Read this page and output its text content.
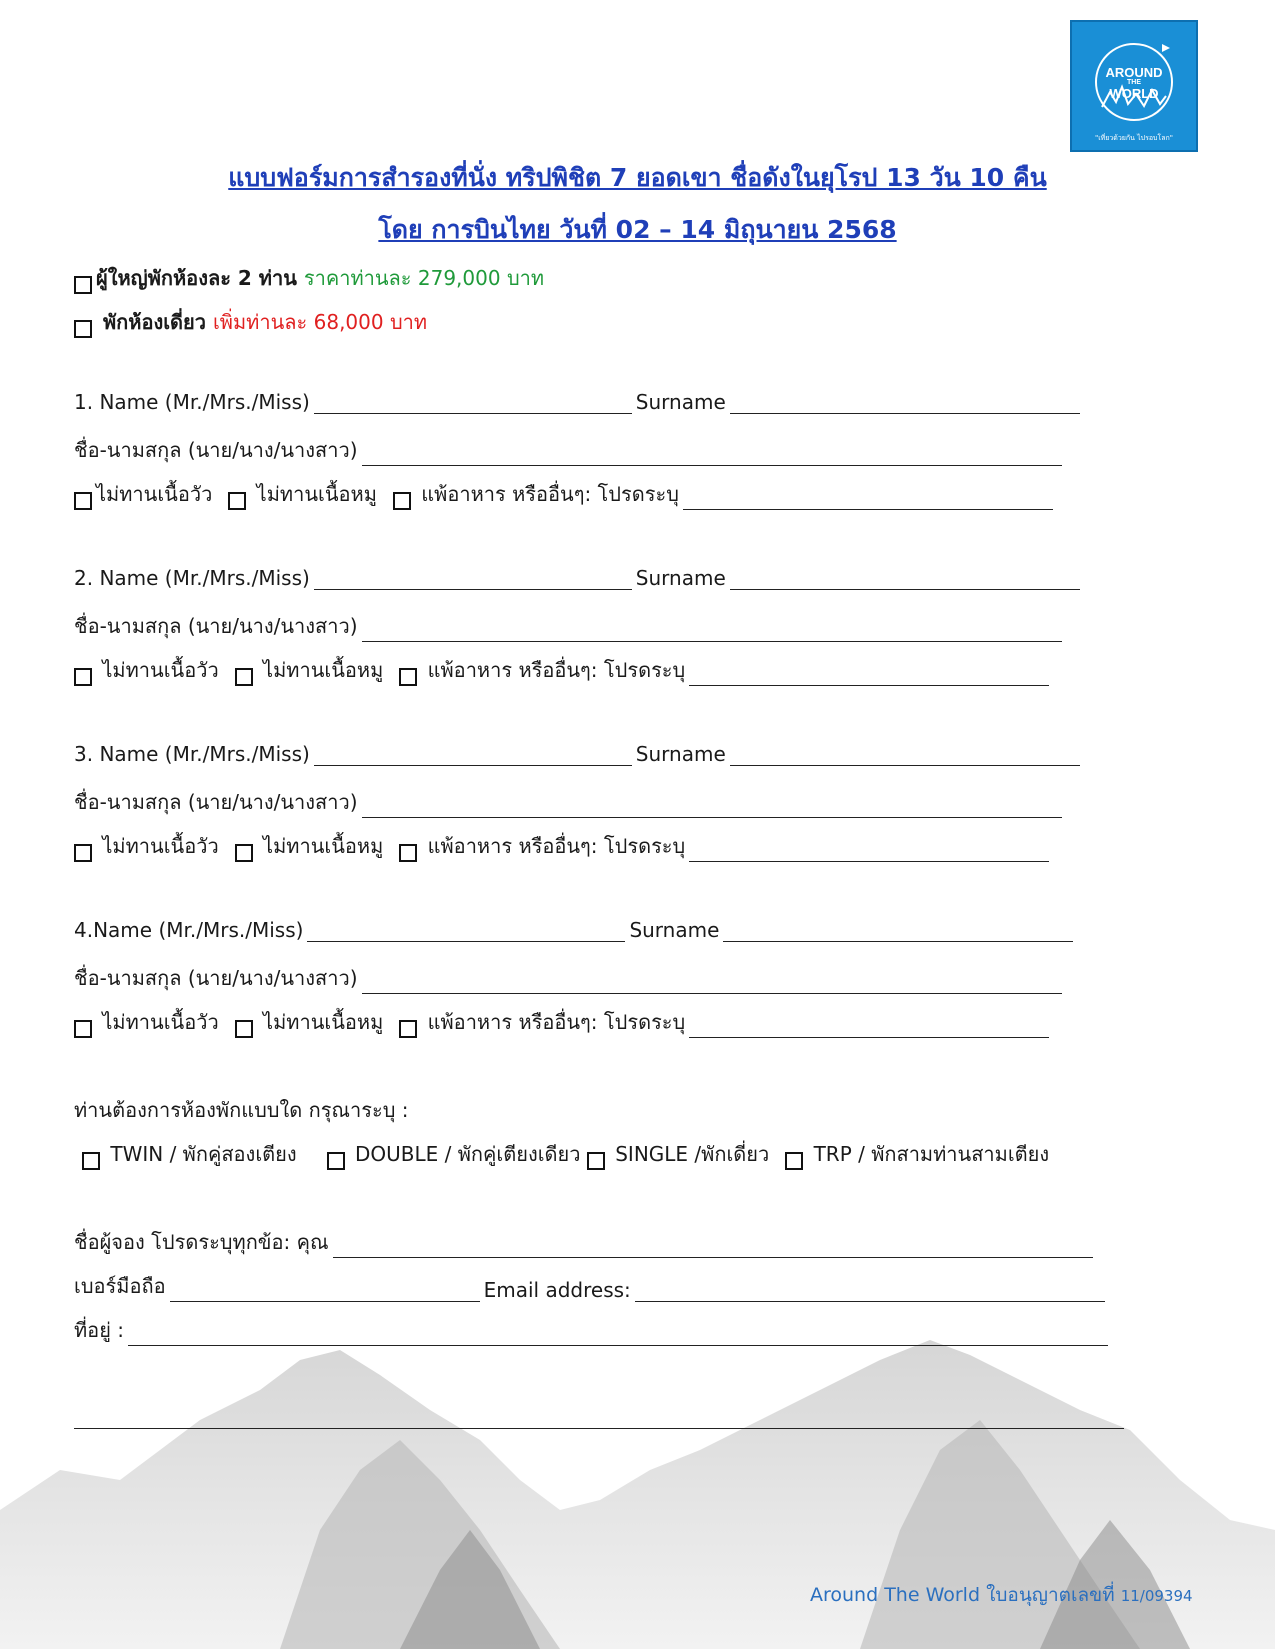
AROUND
THE
WORLD
"เที่ยวด้วยกัน ไปรอบโลก"
แบบฟอร์มการสำรองที่นั่ง ทริปพิชิต 7 ยอดเขา ชื่อดังในยุโรป 13 วัน 10 คืน
โดย การบินไทย วันที่ 02 – 14 มิถุนายน 2568
ผู้ใหญ่พักห้องละ 2 ท่าน
ราคาท่านละ 279,000 บาท

พักห้องเดี่ยว
เพิ่มท่านละ 68,000 บาท
1. Name (Mr./Mrs./Miss)	Surname
ชื่อ-นามสกุล (นาย/นาง/นางสาว)
ไม่ทานเนื้อวัว
ไม่ทานเนื้อหมู
แพ้อาหาร หรืออื่นๆ: โปรดระบุ
2. Name (Mr./Mrs./Miss)	Surname
ชื่อ-นามสกุล (นาย/นาง/นางสาว)

ไม่ทานเนื้อวัว
ไม่ทานเนื้อหมู
แพ้อาหาร หรืออื่นๆ: โปรดระบุ
3. Name (Mr./Mrs./Miss)	Surname
ชื่อ-นามสกุล (นาย/นาง/นางสาว)

ไม่ทานเนื้อวัว
ไม่ทานเนื้อหมู
แพ้อาหาร หรืออื่นๆ: โปรดระบุ
4.Name (Mr./Mrs./Miss)	Surname
ชื่อ-นามสกุล (นาย/นาง/นางสาว)

ไม่ทานเนื้อวัว
ไม่ทานเนื้อหมู
แพ้อาหาร หรืออื่นๆ: โปรดระบุ
ท่านต้องการห้องพักแบบใด กรุณาระบุ :

TWIN / พักคู่สองเตียง
	DOUBLE / พักคู่เตียงเดียว

SINGLE /พักเดี่ยว
TRP / พักสามท่านสามเตียง
ชื่อผู้จอง โปรดระบุทุกข้อ: คุณ
เบอร์มือถือ	Email address:
ที่อยู่ :
Around The World ใบอนุญาตเลขที่ 11/09394
